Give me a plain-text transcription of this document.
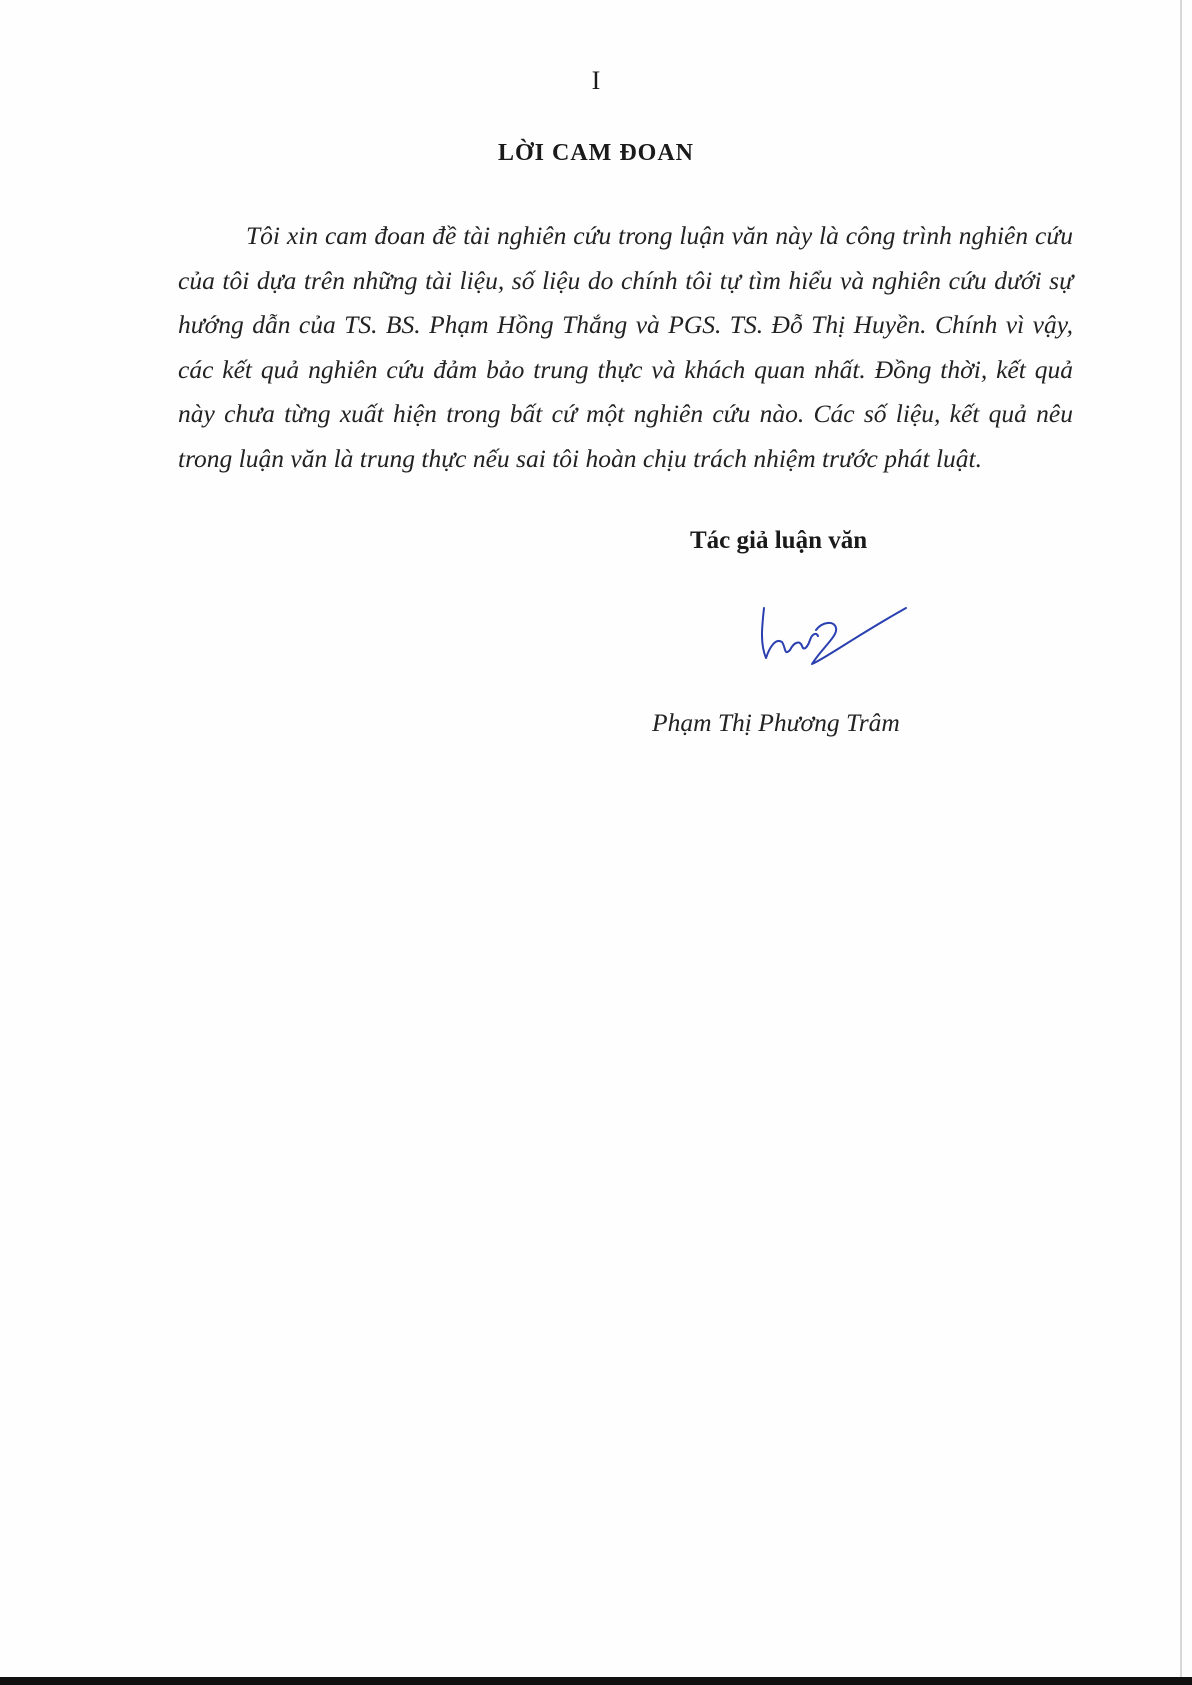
I
LỜI CAM ĐOAN

Tôi xin cam đoan đề tài nghiên cứu trong luận văn này là công trình nghiên cứu của tôi dựa trên những tài liệu, số liệu do chính tôi tự tìm hiểu và nghiên cứu dưới sự hướng dẫn của TS. BS. Phạm Hồng Thắng và PGS. TS. Đỗ Thị Huyền. Chính vì vậy, các kết quả nghiên cứu đảm bảo trung thực và khách quan nhất. Đồng thời, kết quả này chưa từng xuất hiện trong bất cứ một nghiên cứu nào. Các số liệu, kết quả nêu trong luận văn là trung thực nếu sai tôi hoàn chịu trách nhiệm trước phát luật.

Tác giả luận văn
Phạm Thị Phương Trâm
